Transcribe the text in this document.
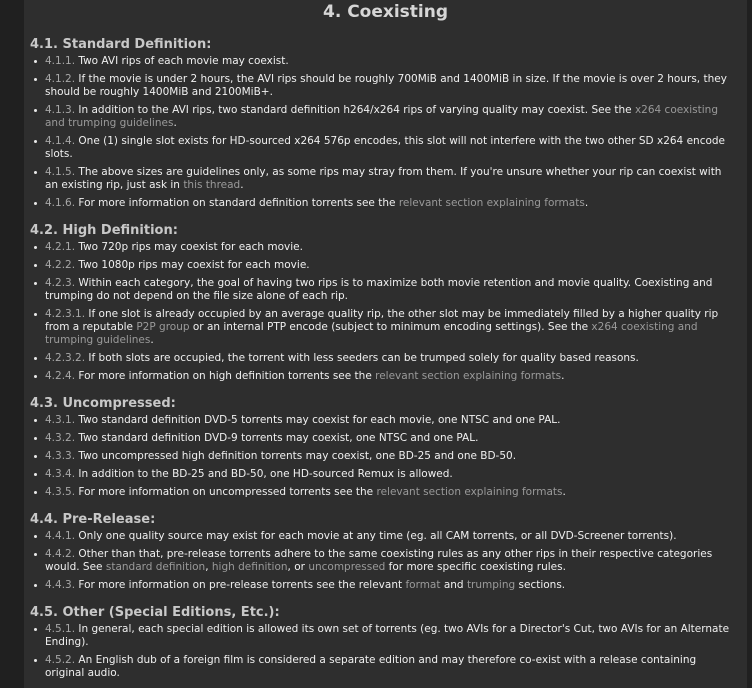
4. Coexisting
4.1. Standard Definition:
4.1.1. Two AVI rips of each movie may coexist.
4.1.2. If the movie is under 2 hours, the AVI rips should be roughly 700MiB and 1400MiB in size. If the movie is over 2 hours, they should be roughly 1400MiB and 2100MiB+.
4.1.3. In addition to the AVI rips, two standard definition h264/x264 rips of varying quality may coexist. See the x264 coexisting and trumping guidelines.
4.1.4. One (1) single slot exists for HD-sourced x264 576p encodes, this slot will not interfere with the two other SD x264 encode slots.
4.1.5. The above sizes are guidelines only, as some rips may stray from them. If you're unsure whether your rip can coexist with an existing rip, just ask in this thread.
4.1.6. For more information on standard definition torrents see the relevant section explaining formats.
4.2. High Definition:
4.2.1. Two 720p rips may coexist for each movie.
4.2.2. Two 1080p rips may coexist for each movie.
4.2.3. Within each category, the goal of having two rips is to maximize both movie retention and movie quality. Coexisting and trumping do not depend on the file size alone of each rip.
4.2.3.1. If one slot is already occupied by an average quality rip, the other slot may be immediately filled by a higher quality rip from a reputable P2P group or an internal PTP encode (subject to minimum encoding settings). See the x264 coexisting and trumping guidelines.
4.2.3.2. If both slots are occupied, the torrent with less seeders can be trumped solely for quality based reasons.
4.2.4. For more information on high definition torrents see the relevant section explaining formats.
4.3. Uncompressed:
4.3.1. Two standard definition DVD-5 torrents may coexist for each movie, one NTSC and one PAL.
4.3.2. Two standard definition DVD-9 torrents may coexist, one NTSC and one PAL.
4.3.3. Two uncompressed high definition torrents may coexist, one BD-25 and one BD-50.
4.3.4. In addition to the BD-25 and BD-50, one HD-sourced Remux is allowed.
4.3.5. For more information on uncompressed torrents see the relevant section explaining formats.
4.4. Pre-Release:
4.4.1. Only one quality source may exist for each movie at any time (eg. all CAM torrents, or all DVD-Screener torrents).
4.4.2. Other than that, pre-release torrents adhere to the same coexisting rules as any other rips in their respective categories would. See standard definition, high definition, or uncompressed for more specific coexisting rules.
4.4.3. For more information on pre-release torrents see the relevant format and trumping sections.
4.5. Other (Special Editions, Etc.):
4.5.1. In general, each special edition is allowed its own set of torrents (eg. two AVIs for a Director's Cut, two AVIs for an Alternate Ending).
4.5.2. An English dub of a foreign film is considered a separate edition and may therefore co-exist with a release containing original audio.
